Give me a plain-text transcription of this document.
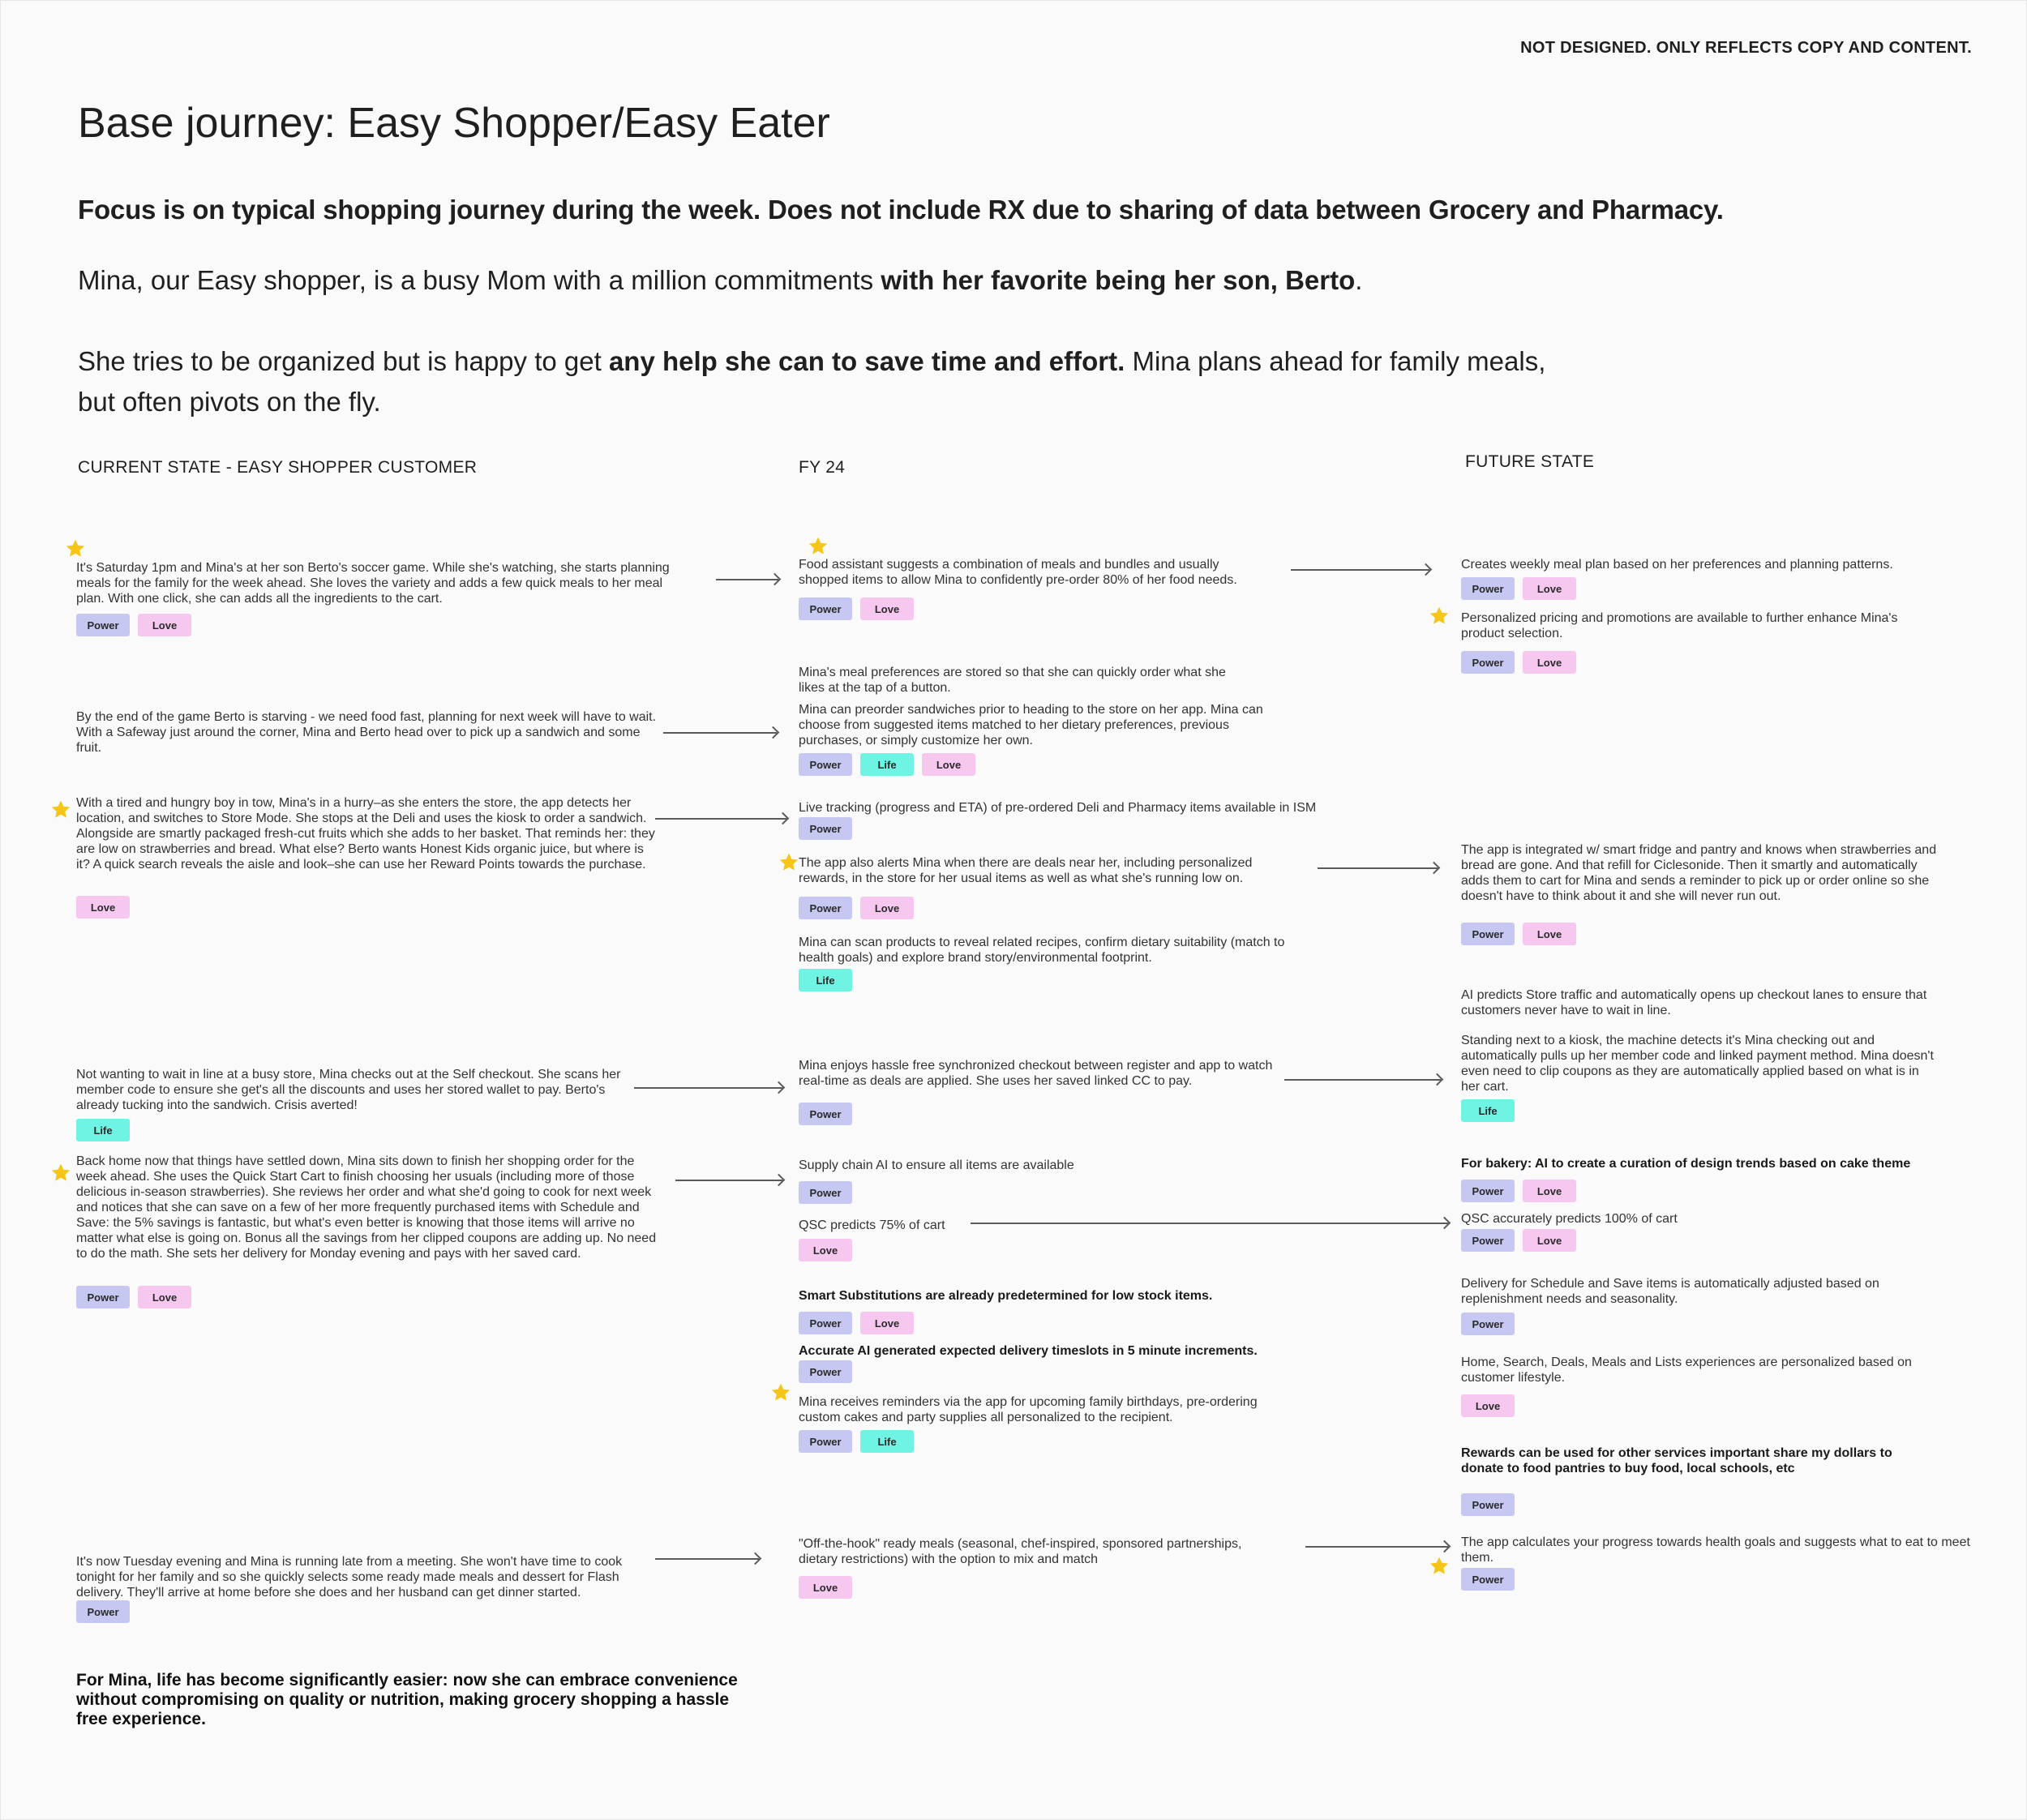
NOT DESIGNED. ONLY REFLECTS COPY AND CONTENT.
Base journey: Easy Shopper/Easy Eater
Focus is on typical shopping journey during the week. Does not include RX due to sharing of data between Grocery and Pharmacy.
Mina, our Easy shopper, is a busy Mom with a million commitments with her favorite being her son, Berto.
She tries to be organized but is happy to get any help she can to save time and effort. Mina plans ahead for family meals, but often pivots on the fly.
CURRENT STATE - EASY SHOPPER CUSTOMER	FY 24	FUTURE STATE
It's Saturday 1pm and Mina's at her son Berto's soccer game. While she's watching, she starts planning meals for the family for the week ahead. She loves the variety and adds a few quick meals to her meal plan. With one click, she can adds all the ingredients to the cart.
Power	Love
By the end of the game Berto is starving - we need food fast, planning for next week will have to wait. With a Safeway just around the corner, Mina and Berto head over to pick up a sandwich and some fruit.
With a tired and hungry boy in tow, Mina's in a hurry–as she enters the store, the app detects her location, and switches to Store Mode. She stops at the Deli and uses the kiosk to order a sandwich. Alongside are smartly packaged fresh-cut fruits which she adds to her basket. That reminds her: they are low on strawberries and bread. What else? Berto wants Honest Kids organic juice, but where is it? A quick search reveals the aisle and look–she can use her Reward Points towards the purchase.
Love
Not wanting to wait in line at a busy store, Mina checks out at the Self checkout. She scans her member code to ensure she get's all the discounts and uses her stored wallet to pay. Berto's already tucking into the sandwich. Crisis averted!
Life
Back home now that things have settled down, Mina sits down to finish her shopping order for the week ahead. She uses the Quick Start Cart to finish choosing her usuals (including more of those delicious in-season strawberries). She reviews her order and what she'd going to cook for next week and notices that she can save on a few of her more frequently purchased items with Schedule and Save: the 5% savings is fantastic, but what's even better is knowing that those items will arrive no matter what else is going on. Bonus all the savings from her clipped coupons are adding up. No need to do the math. She sets her delivery for Monday evening and pays with her saved card.
Power	Love
It's now Tuesday evening and Mina is running late from a meeting. She won't have time to cook tonight for her family and so she quickly selects some ready made meals and dessert for Flash delivery. They'll arrive at home before she does and her husband can get dinner started.
Power
Food assistant suggests a combination of meals and bundles and usually shopped items to allow Mina to confidently pre-order 80% of her food needs.
Power	Love
Mina's meal preferences are stored so that she can quickly order what she likes at the tap of a button.
Mina can preorder sandwiches prior to heading to the store on her app. Mina can choose from suggested items matched to her dietary preferences, previous purchases, or simply customize her own.
Power	Life	Love
Live tracking (progress and ETA) of pre-ordered Deli and Pharmacy items available in ISM
Power
The app also alerts Mina when there are deals near her, including personalized rewards, in the store for her usual items as well as what she's running low on.
Power	Love
Mina can scan products to reveal related recipes, confirm dietary suitability (match to health goals) and explore brand story/environmental footprint.
Life
Mina enjoys hassle free synchronized checkout between register and app to watch real-time as deals are applied. She uses her saved linked CC to pay.
Power
Supply chain AI to ensure all items are available
Power
QSC predicts 75% of cart
Love
Smart Substitutions are already predetermined for low stock items.
Power	Love
Accurate AI generated expected delivery timeslots in 5 minute increments.
Power
Mina receives reminders via the app for upcoming family birthdays, pre-ordering custom cakes and party supplies all personalized to the recipient.
Power	Life
"Off-the-hook" ready meals (seasonal, chef-inspired, sponsored partnerships, dietary restrictions) with the option to mix and match
Love
Creates weekly meal plan based on her preferences and planning patterns.
Power	Love
Personalized pricing and promotions are available to further enhance Mina's product selection.
Power	Love
The app is integrated w/ smart fridge and pantry and knows when strawberries and bread are gone. And that refill for Ciclesonide. Then it smartly and automatically adds them to cart for Mina and sends a reminder to pick up or order online so she doesn't have to think about it and she will never run out.
Power	Love
AI predicts Store traffic and automatically opens up checkout lanes to ensure that customers never have to wait in line.
Standing next to a kiosk, the machine detects it's Mina checking out and automatically pulls up her member code and linked payment method. Mina doesn't even need to clip coupons as they are automatically applied based on what is in her cart.
Life
For bakery: AI to create a curation of design trends based on cake theme
Power	Love
QSC accurately predicts 100% of cart
Power	Love
Delivery for Schedule and Save items is automatically adjusted based on replenishment needs and seasonality.
Power
Home, Search, Deals, Meals and Lists experiences are personalized based on customer lifestyle.
Love
Rewards can be used for other services important share my dollars to donate to food pantries to buy food, local schools, etc
Power
The app calculates your progress towards health goals and suggests what to eat to meet them.
Power
For Mina, life has become significantly easier: now she can embrace convenience without compromising on quality or nutrition, making grocery shopping a hassle free experience.
